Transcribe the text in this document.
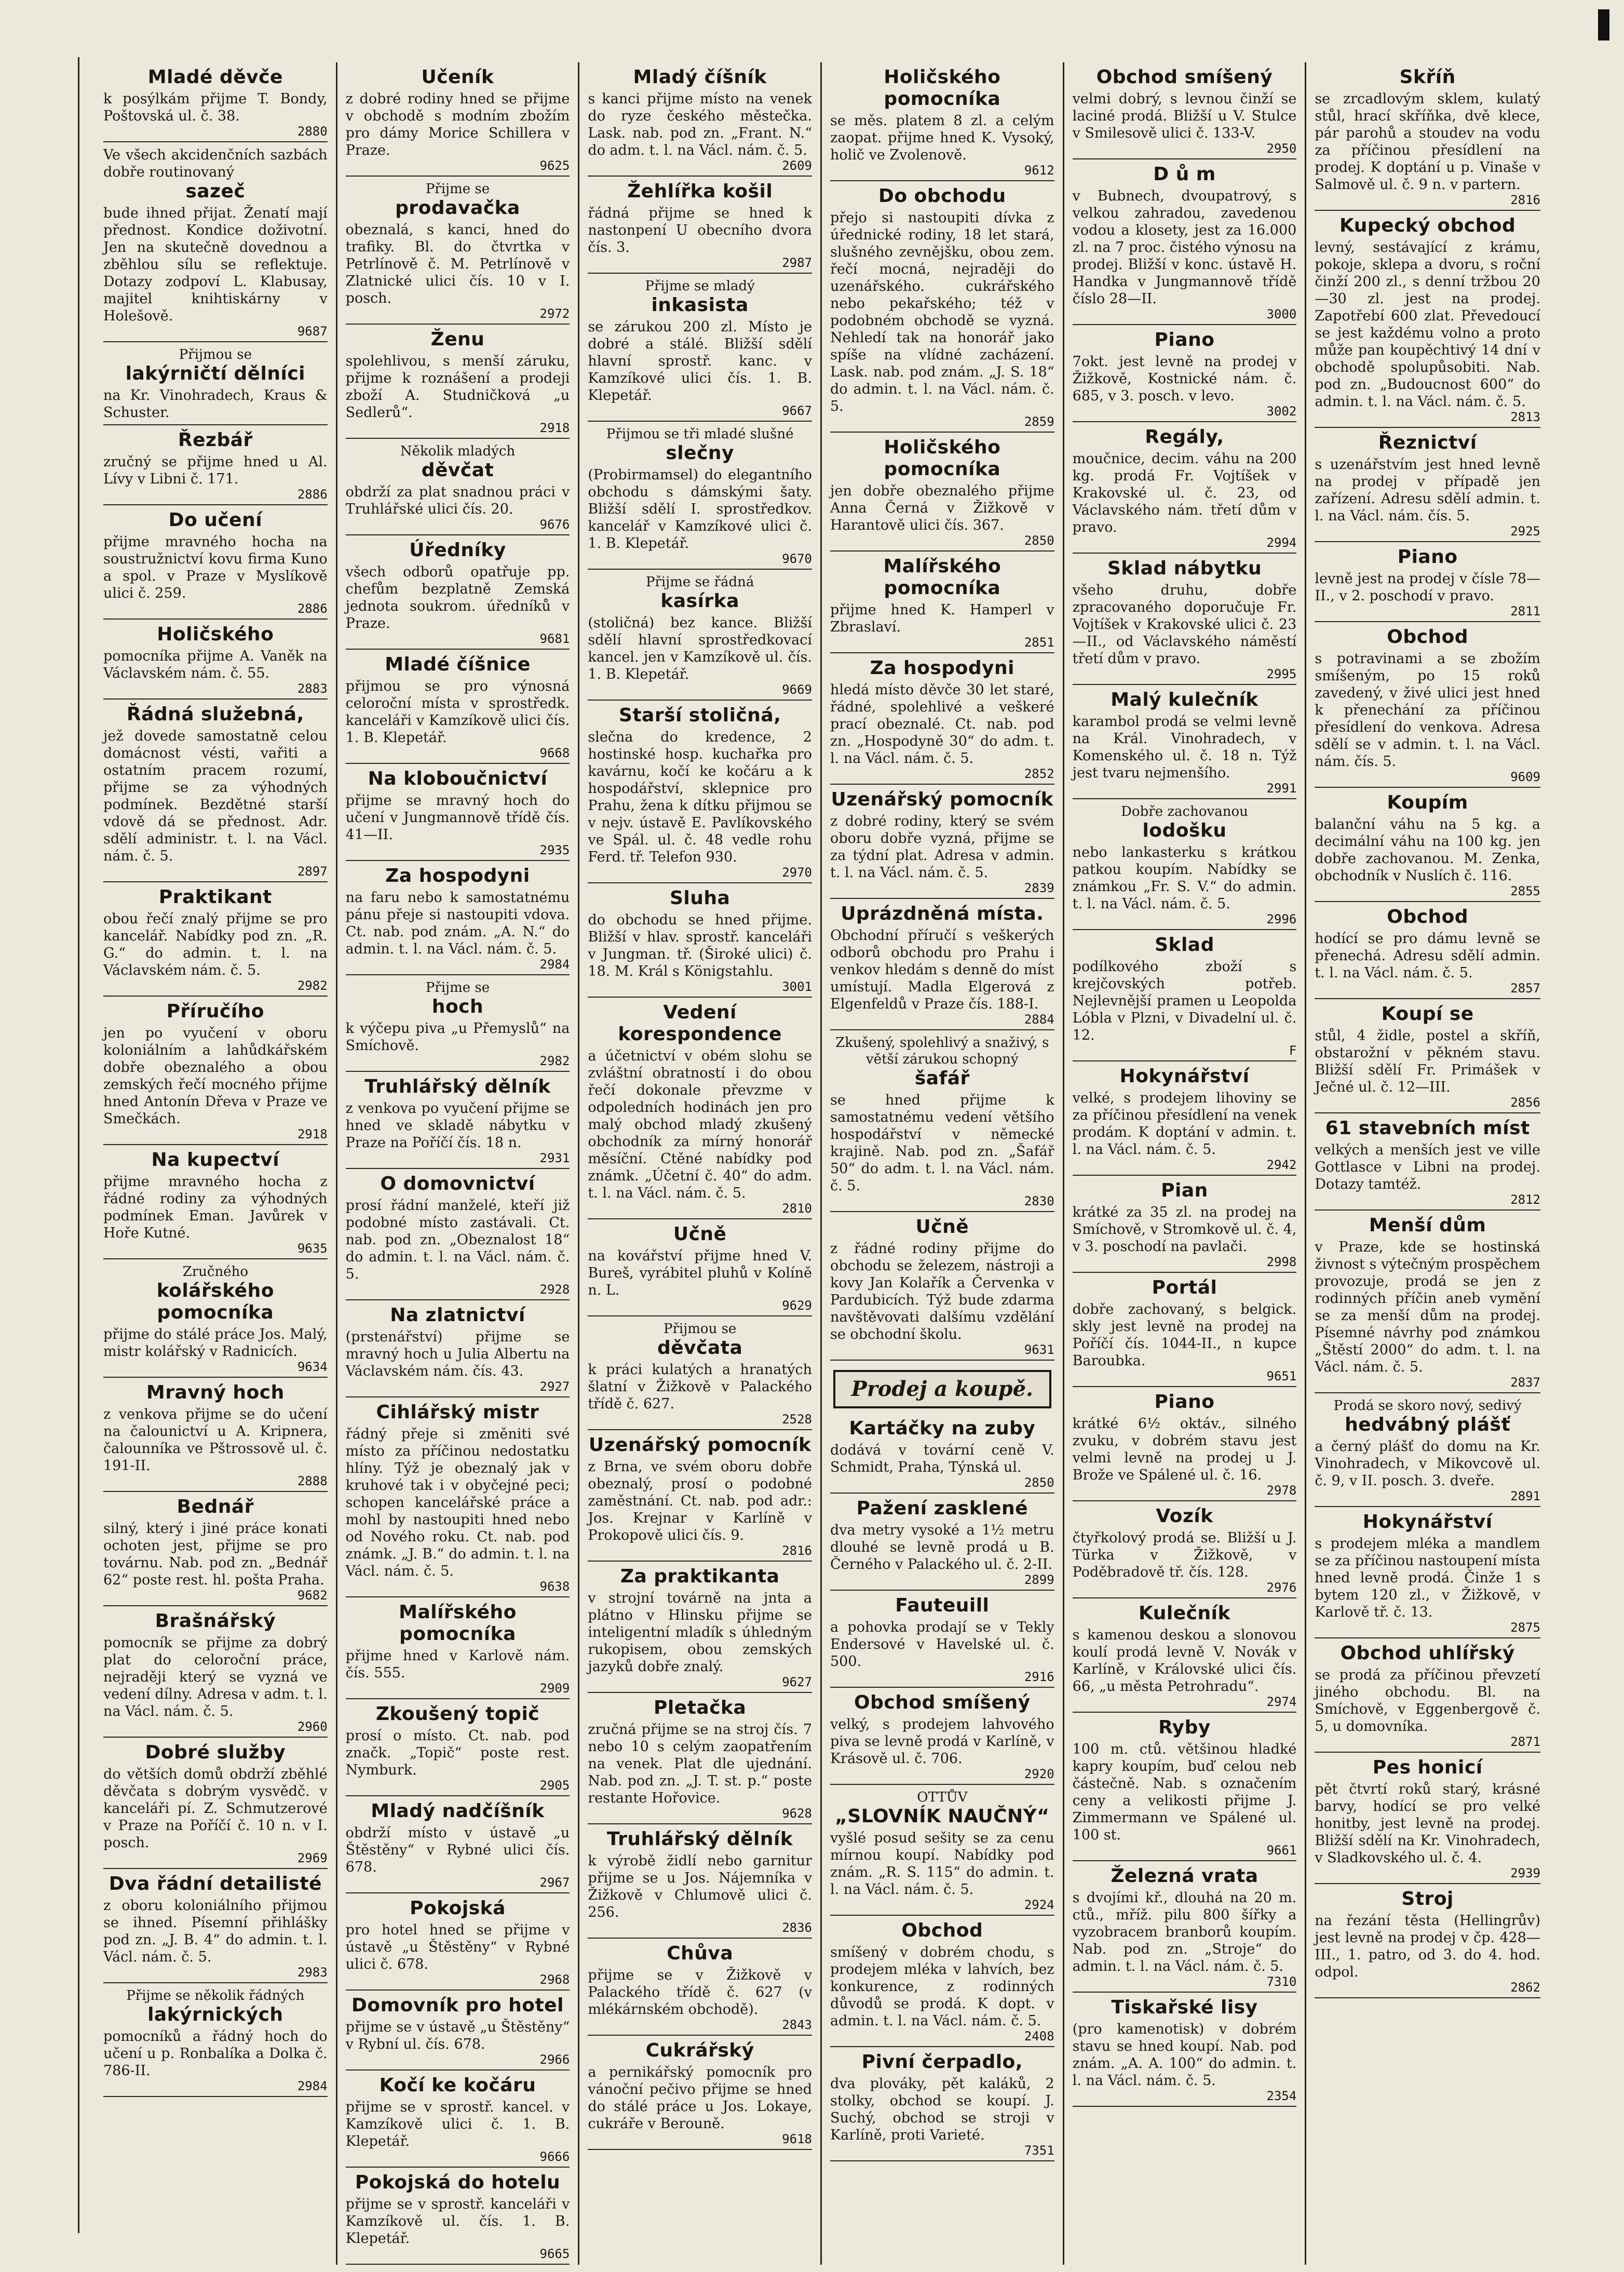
Mladé děvče

k posýlkám přijme T. Bondy, Poštovská ul. č. 38.

2880

Ve všech akcidenčních sazbách dobře routinovaný

sazeč

bude ihned přijat. Ženatí mají přednost. Kondice doživotní. Jen na skutečně dovednou a zběhlou sílu se reflektuje. Dotazy zodpoví L. Klabusay, majitel knihtiskárny v Holešově.

9687

Přijmou se

lakýrničtí dělníci

na Kr. Vinohradech, Kraus & Schuster.

Řezbář

zručný se přijme hned u Al. Lívy v Libni č. 171.

2886
Do učení

přijme mravného hocha na soustružnictví kovu firma Kuno a spol. v Praze v Myslíkově ulici č. 259.

2886
Holičského

pomocníka přijme A. Vaněk na Václavském nám. č. 55.

2883
Řádná služebná,

jež dovede samostatně celou domácnost vésti, vařiti a ostatním pracem rozumí, přijme se za výhodných podmínek. Bezdětné starší vdově dá se přednost. Adr. sdělí administr. t. l. na Václ. nám. č. 5.

2897
Praktikant

obou řečí znalý přijme se pro kancelář. Nabídky pod zn. „R. G.“ do admin. t. l. na Václavském nám. č. 5.

2982
Příručího

jen po vyučení v oboru koloniálním a lahůdkářském dobře obeznalého a obou zemských řečí mocného přijme hned Antonín Dřeva v Praze ve Smečkách.

2918
Na kupectví

přijme mravného hocha z řádné rodiny za výhodných podmínek Eman. Javůrek v Hoře Kutné.

9635

Zručného

kolářského pomocníka

přijme do stálé práce Jos. Malý, mistr kolářský v Radnicích.

9634
Mravný hoch

z venkova přijme se do učení na čalounictví u A. Kripnera, čalounníka ve Pštrossově ul. č. 191-II.

2888
Bednář

silný, který i jiné práce konati ochoten jest, přijme se pro továrnu. Nab. pod zn. „Bednář 62“ poste rest. hl. pošta Praha.

9682
Brašnářský

pomocník se přijme za dobrý plat do celoroční práce, nejraději který se vyzná ve vedení dílny. Adresa v adm. t. l. na Václ. nám. č. 5.

2960
Dobré služby

do větších domů obdrží zběhlé děvčata s dobrým vysvědč. v kanceláři pí. Z. Schmutzerové v Praze na Poříčí č. 10 n. v I. posch.

2969
Dva řádní detailisté

z oboru koloniálního přijmou se ihned. Písemní přihlášky pod zn. „J. B. 4“ do admin. t. l. Václ. nám. č. 5.

2983

Přijme se několik řádných

lakýrnických

pomocníků a řádný hoch do učení u p. Ronbalíka a Dolka č. 786-II.

2984
Učeník

z dobré rodiny hned se přijme v obchodě s modním zbožím pro dámy Morice Schillera v Praze.

9625

Přijme se

prodavačka

obeznalá, s kanci, hned do trafiky. Bl. do čtvrtka v Petrlínově č. M. Petrlínově v Zlatnické ulici čís. 10 v I. posch.

2972
Ženu

spolehlivou, s menší záruku, přijme k roznášení a prodeji zboží A. Studničková „u Sedlerů“.

2918

Několik mladých

děvčat

obdrží za plat snadnou práci v Truhlářské ulici čís. 20.

9676
Úředníky

všech odborů opatřuje pp. chefům bezplatně Zemská jednota soukrom. úředníků v Praze.

9681
Mladé číšnice

přijmou se pro výnosná celoroční místa v sprostředk. kanceláři v Kamzíkově ulici čís. 1. B. Klepetář.

9668
Na kloboučnictví

přijme se mravný hoch do učení v Jungmannově třídě čís. 41—II.

2935
Za hospodyni

na faru nebo k samostatnému pánu přeje si nastoupiti vdova. Ct. nab. pod znám. „A. N.“ do admin. t. l. na Václ. nám. č. 5.

2984

Přijme se

hoch

k výčepu piva „u Přemyslů“ na Smíchově.

2982
Truhlářský dělník

z venkova po vyučení přijme se hned ve skladě nábytku v Praze na Poříčí čís. 18 n.

2931
O domovnictví

prosí řádní manželé, kteří již podobné místo zastávali. Ct. nab. pod zn. „Obeznalost 18“ do admin. t. l. na Václ. nám. č. 5.

2928
Na zlatnictví

(prstenářství) přijme se mravný hoch u Julia Albertu na Václavském nám. čís. 43.

2927
Cihlářský mistr

řádný přeje si změniti své místo za příčinou nedostatku hlíny. Týž je obeznalý jak v kruhové tak i v obyčejné peci; schopen kancelářské práce a mohl by nastoupiti hned nebo od Nového roku. Ct. nab. pod známk. „J. B.“ do admin. t. l. na Václ. nám. č. 5.

9638
Malířského pomocníka

přijme hned v Karlově nám. čís. 555.

2909
Zkoušený topič

prosí o místo. Ct. nab. pod značk. „Topič“ poste rest. Nymburk.

2905
Mladý nadčíšník

obdrží místo v ústavě „u Štěstěny“ v Rybné ulici čís. 678.

2967
Pokojská

pro hotel hned se přijme v ústavě „u Štěstěny“ v Rybné ulici č. 678.

2968
Domovník pro hotel

přijme se v ústavě „u Štěstěny“ v Rybní ul. čís. 678.

2966
Kočí ke kočáru

přijme se v sprostř. kancel. v Kamzíkově ulici č. 1. B. Klepetář.

9666
Pokojská do hotelu

přijme se v sprostř. kanceláři v Kamzíkově ul. čís. 1. B. Klepetář.

9665
Mladý číšník

s kanci přijme místo na venek do ryze českého městečka. Lask. nab. pod zn. „Frant. N.“ do adm. t. l. na Václ. nám. č. 5.

2609
Žehlířka košil

řádná přijme se hned k nastonpení U obecního dvora čís. 3.

2987

Přijme se mladý

inkasista

se zárukou 200 zl. Místo je dobré a stálé. Bližší sdělí hlavní sprostř. kanc. v Kamzíkové ulici čís. 1. B. Klepetář.

9667

Přijmou se tři mladé slušné

slečny

(Probirmamsel) do elegantního obchodu s dámskými šaty. Bližší sdělí I. sprostředkov. kancelář v Kamzíkové ulici č. 1. B. Klepetář.

9670

Přijme se řádná

kasírka

(stoličná) bez kance. Bližší sdělí hlavní sprostředkovací kancel. jen v Kamzíkově ul. čís. 1. B. Klepetář.

9669
Starší stoličná,

slečna do kredence, 2 hostinské hosp. kuchařka pro kavárnu, kočí ke kočáru a k hospodářství, sklepnice pro Prahu, žena k dítku přijmou se v nejv. ústavě E. Pavlíkovského ve Spál. ul. č. 48 vedle rohu Ferd. tř. Telefon 930.

2970
Sluha

do obchodu se hned přijme. Bližší v hlav. sprostř. kanceláři v Jungman. tř. (Široké ulici) č. 18. M. Král s Königstahlu.

3001
Vedení korespondence

a účetnictví v obém slohu se zvláštní obratností i do obou řečí dokonale převzme v odpoledních hodinách jen pro malý obchod mladý zkušený obchodník za mírný honorář měsíční. Ctěné nabídky pod známk. „Účetní č. 40“ do adm. t. l. na Václ. nám. č. 5.

2810
Učně

na kovářství přijme hned V. Bureš, vyrábitel pluhů v Kolíně n. L.

9629

Přijmou se

děvčata

k práci kulatých a hranatých šlatní v Žižkově v Palackého třídě č. 627.

2528
Uzenářský pomocník

z Brna, ve svém oboru dobře obeznalý, prosí o podobné zaměstnání. Ct. nab. pod adr.: Jos. Krejnar v Karlíně v Prokopově ulici čís. 9.

2816
Za praktikanta

v strojní továrně na jnta a plátno v Hlinsku přijme se inteligentní mladík s úhledným rukopisem, obou zemských jazyků dobře znalý.

9627
Pletačka

zručná přijme se na stroj čís. 7 nebo 10 s celým zaopatřením na venek. Plat dle ujednání. Nab. pod zn. „J. T. st. p.“ poste restante Hořovice.

9628
Truhlářský dělník

k výrobě židlí nebo garnitur přijme se u Jos. Nájemníka v Žižkově v Chlumově ulici č. 256.

2836
Chůva

přijme se v Žižkově v Palackého třídě č. 627 (v mlékárnském obchodě).

2843
Cukrářský

a pernikářský pomocník pro vánoční pečivo přijme se hned do stálé práce u Jos. Lokaye, cukráře v Berouně.

9618
Holičského pomocníka

se měs. platem 8 zl. a celým zaopat. přijme hned K. Vysoký, holič ve Zvolenově.

9612
Do obchodu

přejo si nastoupiti dívka z úřednické rodiny, 18 let stará, slušného zevnějšku, obou zem. řečí mocná, nejraději do uzenářského. cukrářského nebo pekařského; též v podobném obchodě se vyzná. Nehledí tak na honorář jako spíše na vlídné zacházení. Lask. nab. pod znám. „J. S. 18“ do admin. t. l. na Václ. nám. č. 5.

2859
Holičského pomocníka

jen dobře obeznalého přijme Anna Černá v Žižkově v Harantově ulici čís. 367.

2850
Malířského pomocníka

přijme hned K. Hamperl v Zbraslaví.

2851
Za hospodyni

hledá místo děvče 30 let staré, řádné, spolehlivé a veškeré prací obeznalé. Ct. nab. pod zn. „Hospodyně 30“ do adm. t. l. na Václ. nám. č. 5.

2852
Uzenářský pomocník

z dobré rodiny, který se svém oboru dobře vyzná, přijme se za týdní plat. Adresa v admin. t. l. na Václ. nám. č. 5.

2839
Uprázdněná místa.

Obchodní příručí s veškerých odborů obchodu pro Prahu i venkov hledám s denně do míst umístují. Madla Elgerová z Elgenfeldů v Praze čís. 188-I.

2884

Zkušený, spolehlivý a snaživý, s větší zárukou schopný

šafář

se hned přijme k samostatnému vedení většího hospodářství v německé krajině. Nab. pod zn. „Šafář 50“ do adm. t. l. na Václ. nám. č. 5.

2830
Učně

z řádné rodiny přijme do obchodu se železem, nástroji a kovy Jan Kolařík a Červenka v Pardubicích. Týž bude zdarma navštěvovati dalšímu vzdělání se obchodní školu.

9631
Prodej a koupě.
Kartáčky na zuby

dodává v tovární ceně V. Schmidt, Praha, Týnská ul.

2850
Pažení zasklené

dva metry vysoké a 1½ metru dlouhé se levně prodá u B. Černého v Palackého ul. č. 2-II.

2899
Fauteuill

a pohovka prodají se v Tekly Endersové v Havelské ul. č. 500.

2916
Obchod smíšený

velký, s prodejem lahvového piva se levně prodá v Karlíně, v Krásově ul. č. 706.

2920

OTTŮV

„SLOVNÍK NAUČNÝ“

vyšlé posud sešity se za cenu mírnou koupí. Nabídky pod znám. „R. S. 115“ do admin. t. l. na Václ. nám. č. 5.

2924
Obchod

smíšený v dobrém chodu, s prodejem mléka v lahvích, bez konkurence, z rodinných důvodů se prodá. K dopt. v admin. t. l. na Václ. nám. č. 5.

2408
Pivní čerpadlo,

dva plováky, pět kaláků, 2 stolky, obchod se koupí. J. Suchý, obchod se stroji v Karlíně, proti Varieté.

7351
Obchod smíšený

velmi dobrý, s levnou činží se laciné prodá. Bližší u V. Stulce v Smilesově ulici č. 133-V.

2950
D ů m

v Bubnech, dvoupatrový, s velkou zahradou, zavedenou vodou a klosety, jest za 16.000 zl. na 7 proc. čistého výnosu na prodej. Bližší v konc. ústavě H. Handka v Jungmannově třídě číslo 28—II.

3000
Piano

7okt. jest levně na prodej v Žižkově, Kostnické nám. č. 685, v 3. posch. v levo.

3002
Regály,

moučnice, decim. váhu na 200 kg. prodá Fr. Vojtíšek v Krakovské ul. č. 23, od Václavského nám. třetí dům v pravo.

2994
Sklad nábytku

všeho druhu, dobře zpracovaného doporučuje Fr. Vojtíšek v Krakovské ulici č. 23—II., od Václavského náměstí třetí dům v pravo.

2995
Malý kulečník

karambol prodá se velmi levně na Král. Vinohradech, v Komenského ul. č. 18 n. Týž jest tvaru nejmenšího.

2991

Dobře zachovanou

lodošku

nebo lankasterku s krátkou patkou koupím. Nabídky se známkou „Fr. S. V.“ do admin. t. l. na Václ. nám. č. 5.

2996
Sklad

podílkového zboží s krejčovských potřeb. Nejlevnější pramen u Leopolda Lóbla v Plzni, v Divadelní ul. č. 12.

F
Hokynářství

velké, s prodejem lihoviny se za příčinou přesídlení na venek prodám. K doptání v admin. t. l. na Václ. nám. č. 5.

2942
Pian

krátké za 35 zl. na prodej na Smíchově, v Stromkově ul. č. 4, v 3. poschodí na pavlači.

2998
Portál

dobře zachovaný, s belgick. skly jest levně na prodej na Poříčí čís. 1044-II., n kupce Baroubka.

9651
Piano

krátké 6½ oktáv., silného zvuku, v dobrém stavu jest velmi levně na prodej u J. Brože ve Spálené ul. č. 16.

2978
Vozík

čtyřkolový prodá se. Bližší u J. Türka v Žižkově, v Poděbradově tř. čís. 128.

2976
Kulečník

s kamenou deskou a slonovou koulí prodá levně V. Novák v Karlíně, v Královské ulici čís. 66, „u města Petrohradu“.

2974
Ryby

100 m. ctů. většinou hladké kapry koupím, buď celou neb částečně. Nab. s označením ceny a velikosti přijme J. Zimmermann ve Spálené ul. 100 st.

9661
Železná vrata

s dvojími kř., dlouhá na 20 m. ctů., mříž. pilu 800 šířky a vyzobracem branborů koupím. Nab. pod zn. „Stroje“ do admin. t. l. na Václ. nám. č. 5.

7310
Tiskařské lisy

(pro kamenotisk) v dobrém stavu se hned koupí. Nab. pod znám. „A. A. 100“ do admin. t. l. na Václ. nám. č. 5.

2354
Skříň

se zrcadlovým sklem, kulatý stůl, hrací skříňka, dvě klece, pár parohů a stoudev na vodu za příčinou přesídlení na prodej. K doptání u p. Vinaše v Salmově ul. č. 9 n. v partern.

2816
Kupecký obchod

levný, sestávající z krámu, pokoje, sklepa a dvoru, s roční činží 200 zl., s denní tržbou 20—30 zl. jest na prodej. Zapotřebí 600 zlat. Převedoucí se jest každému volno a proto může pan koupěchtivý 14 dní v obchodě spolupůsobiti. Nab. pod zn. „Budoucnost 600“ do admin. t. l. na Václ. nám. č. 5.

2813
Řeznictví

s uzenářstvím jest hned levně na prodej v případě jen zařízení. Adresu sdělí admin. t. l. na Václ. nám. čís. 5.

2925
Piano

levně jest na prodej v čísle 78—II., v 2. poschodí v pravo.

2811
Obchod

s potravinami a se zbožím smíšeným, po 15 roků zavedený, v živé ulici jest hned k přenechání za příčinou přesídlení do venkova. Adresa sdělí se v admin. t. l. na Václ. nám. čís. 5.

9609
Koupím

balanční váhu na 5 kg. a decimální váhu na 100 kg. jen dobře zachovanou. M. Zenka, obchodník v Nuslích č. 116.

2855
Obchod

hodící se pro dámu levně se přenechá. Adresu sdělí admin. t. l. na Václ. nám. č. 5.

2857
Koupí se

stůl, 4 židle, postel a skříň, obstarožní v pěkném stavu. Bližší sdělí Fr. Primášek v Ječné ul. č. 12—III.

2856
61 stavebních míst

velkých a menších jest ve ville Gottlasce v Libni na prodej. Dotazy tamtéž.

2812
Menší dům

v Praze, kde se hostinská živnost s výtečným prospěchem provozuje, prodá se jen z rodinných příčin aneb vymění se za menší dům na prodej. Písemné návrhy pod známkou „Štěstí 2000“ do adm. t. l. na Václ. nám. č. 5.

2837

Prodá se skoro nový, sedivý

hedvábný plášť

a černý plášť do domu na Kr. Vinohradech, v Mikovcově ul. č. 9, v II. posch. 3. dveře.

2891
Hokynářství

s prodejem mléka a mandlem se za příčinou nastoupení místa hned levně prodá. Činže 1 s bytem 120 zl., v Žižkově, v Karlově tř. č. 13.

2875
Obchod uhlířský

se prodá za příčinou převzetí jiného obchodu. Bl. na Smíchově, v Eggenbergově č. 5, u domovníka.

2871
Pes honicí

pět čtvrtí roků starý, krásné barvy, hodící se pro velké honitby, jest levně na prodej. Bližší sdělí na Kr. Vinohradech, v Sladkovského ul. č. 4.

2939
Stroj

na řezání těsta (Hellingrův) jest levně na prodej v čp. 428—III., 1. patro, od 3. do 4. hod. odpol.

2862
